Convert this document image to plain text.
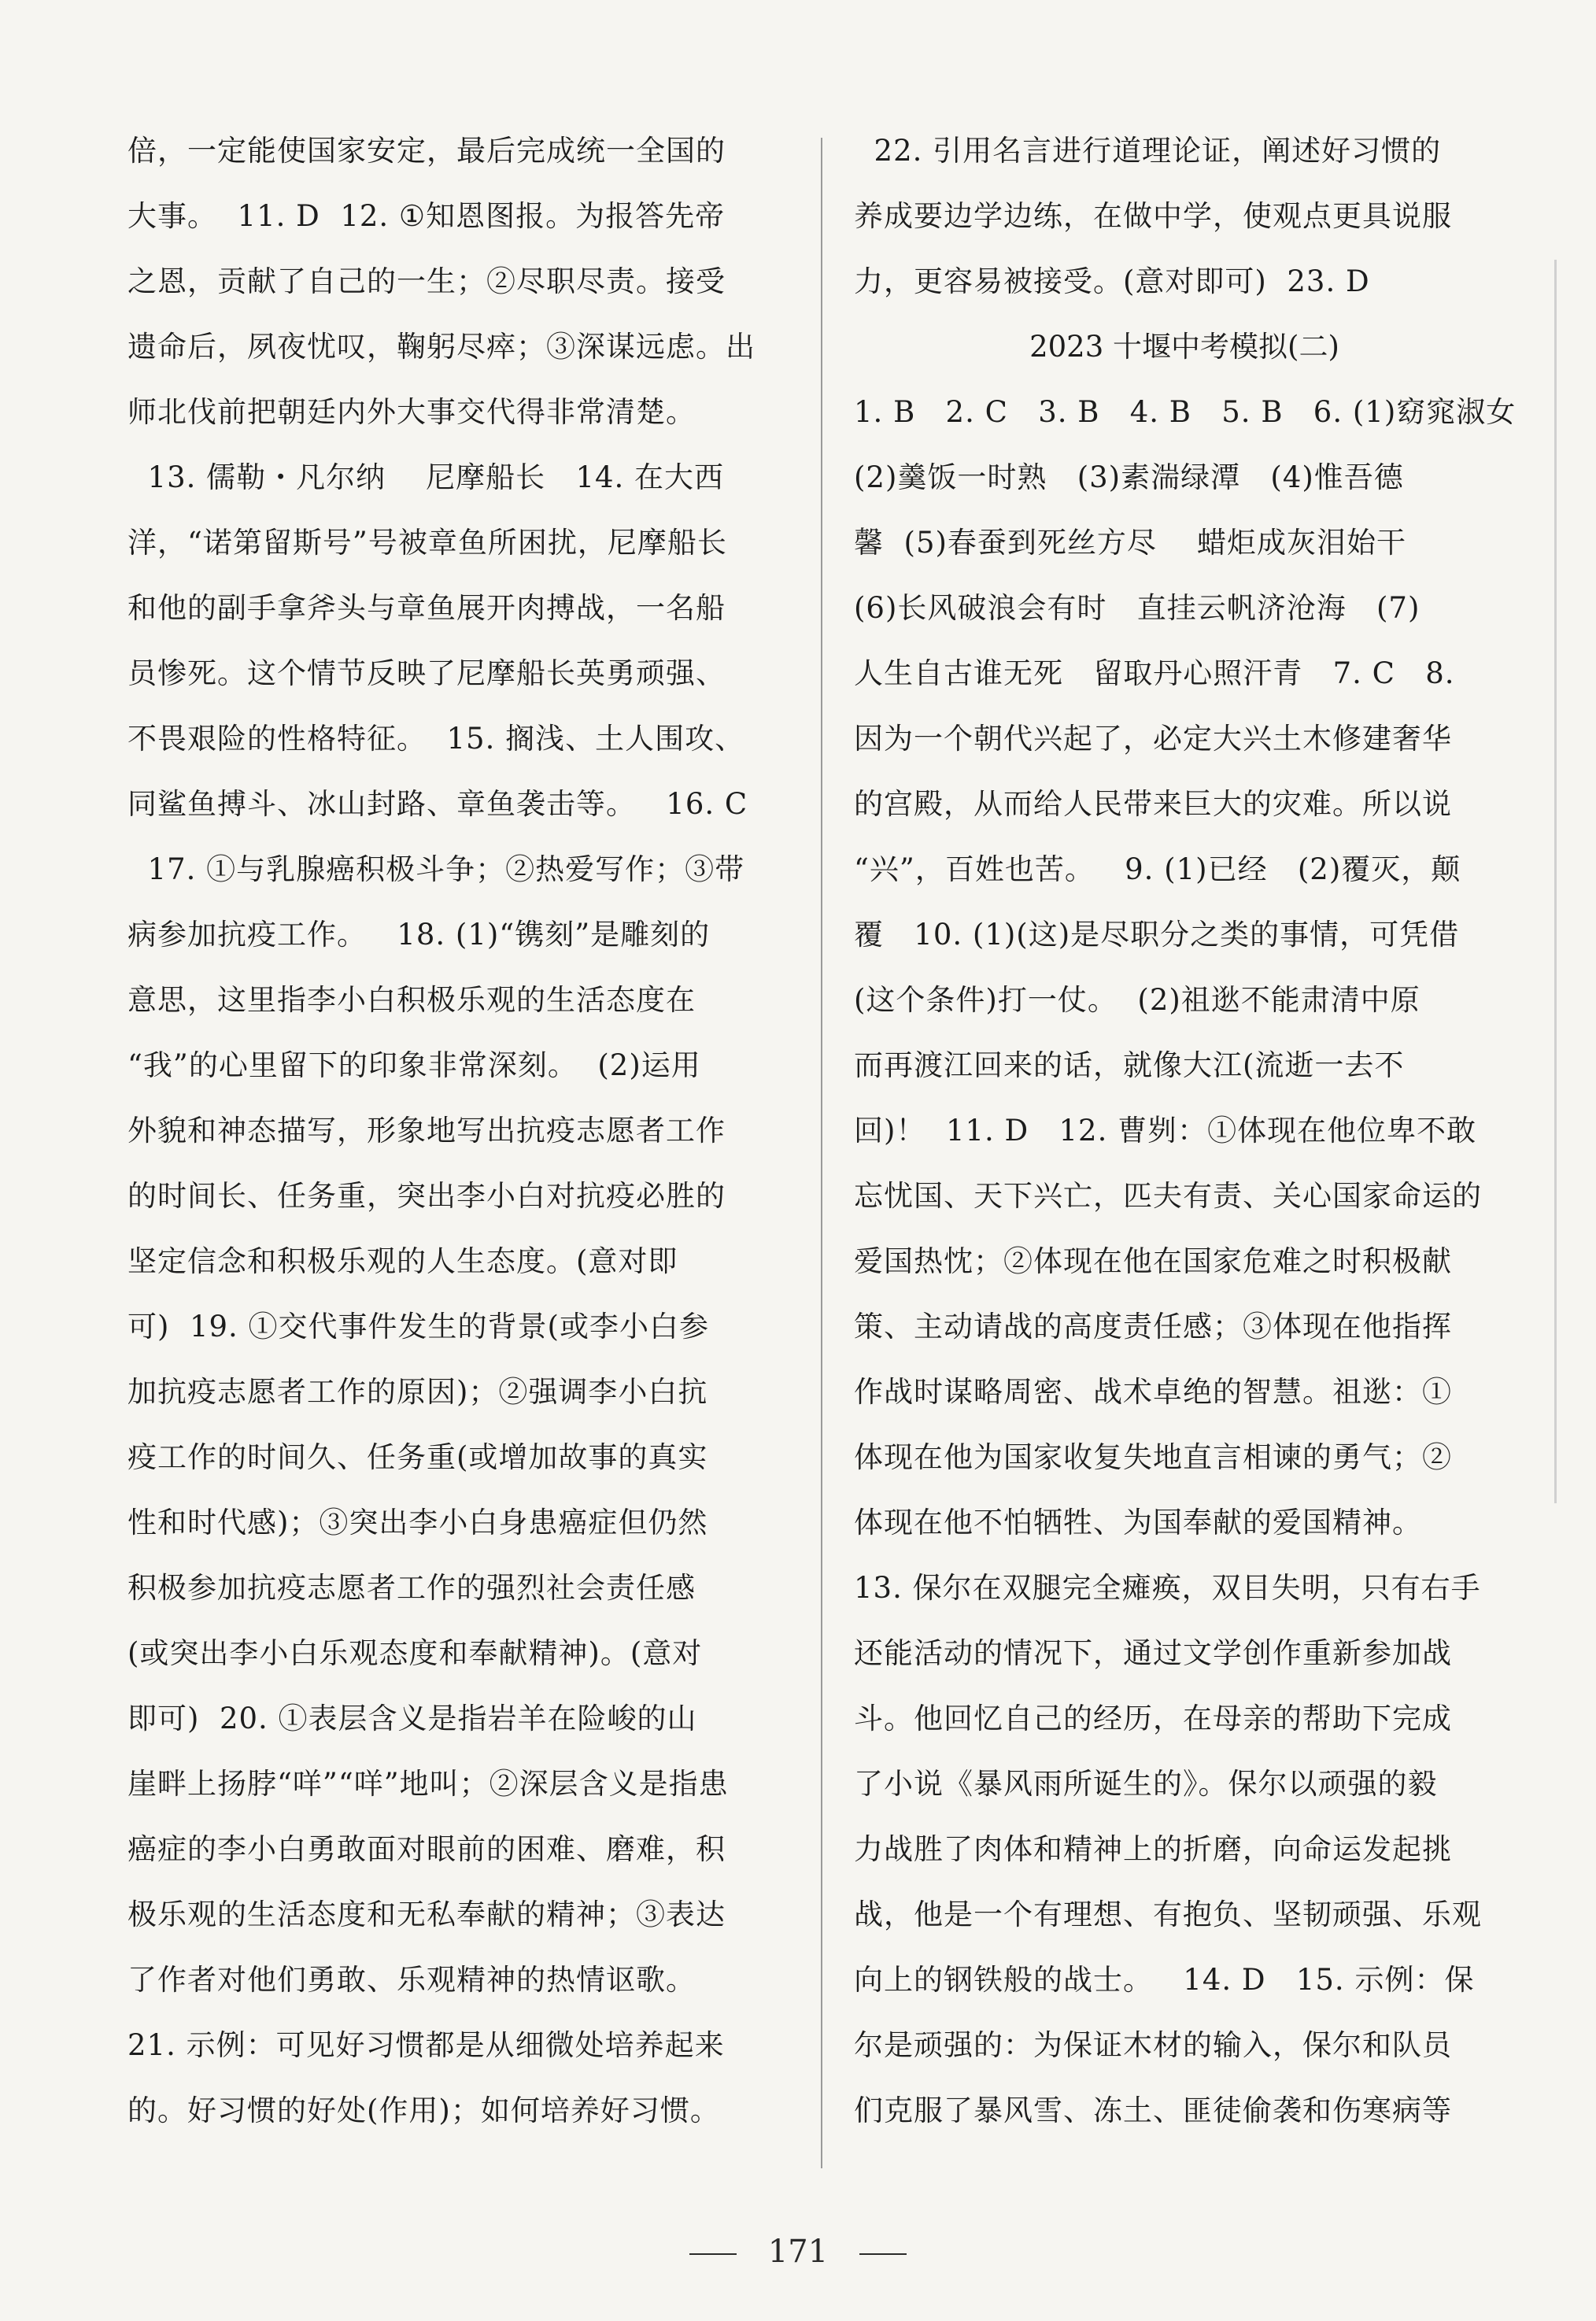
倍，一定能使国家安定，最后完成统一全国的

大事。  11. D  12. ①知恩图报。为报答先帝

之恩，贡献了自己的一生；②尽职尽责。接受

遗命后，夙夜忧叹，鞠躬尽瘁；③深谋远虑。出

师北伐前把朝廷内外大事交代得非常清楚。

13. 儒勒・凡尔纳    尼摩船长   14. 在大西

洋，“诺第留斯号”号被章鱼所困扰，尼摩船长

和他的副手拿斧头与章鱼展开肉搏战，一名船

员惨死。这个情节反映了尼摩船长英勇顽强、

不畏艰险的性格特征。  15. 搁浅、土人围攻、

同鲨鱼搏斗、冰山封路、章鱼袭击等。   16. C

17. ①与乳腺癌积极斗争；②热爱写作；③带

病参加抗疫工作。   18. (1)“镌刻”是雕刻的

意思，这里指李小白积极乐观的生活态度在

“我”的心里留下的印象非常深刻。  (2)运用

外貌和神态描写，形象地写出抗疫志愿者工作

的时间长、任务重，突出李小白对抗疫必胜的

坚定信念和积极乐观的人生态度。(意对即

可)  19. ①交代事件发生的背景(或李小白参

加抗疫志愿者工作的原因)；②强调李小白抗

疫工作的时间久、任务重(或增加故事的真实

性和时代感)；③突出李小白身患癌症但仍然

积极参加抗疫志愿者工作的强烈社会责任感

(或突出李小白乐观态度和奉献精神)。(意对

即可)  20. ①表层含义是指岩羊在险峻的山

崖畔上扬脖“咩”“咩”地叫；②深层含义是指患

癌症的李小白勇敢面对眼前的困难、磨难，积

极乐观的生活态度和无私奉献的精神；③表达

了作者对他们勇敢、乐观精神的热情讴歌。

21. 示例：可见好习惯都是从细微处培养起来

的。好习惯的好处(作用)；如何培养好习惯。

22. 引用名言进行道理论证，阐述好习惯的

养成要边学边练，在做中学，使观点更具说服

力，更容易被接受。(意对即可)  23. D

2023 十堰中考模拟(二)

1. B   2. C   3. B   4. B   5. B   6. (1)窈窕淑女

(2)羹饭一时熟   (3)素湍绿潭   (4)惟吾德

馨  (5)春蚕到死丝方尽    蜡炬成灰泪始干

(6)长风破浪会有时   直挂云帆济沧海   (7)

人生自古谁无死   留取丹心照汗青   7. C   8.

因为一个朝代兴起了，必定大兴土木修建奢华

的宫殿，从而给人民带来巨大的灾难。所以说

“兴”，百姓也苦。   9. (1)已经   (2)覆灭，颠

覆   10. (1)(这)是尽职分之类的事情，可凭借

(这个条件)打一仗。  (2)祖逖不能肃清中原

而再渡江回来的话，就像大江(流逝一去不

回)！  11. D   12. 曹刿：①体现在他位卑不敢

忘忧国、天下兴亡，匹夫有责、关心国家命运的

爱国热忱；②体现在他在国家危难之时积极献

策、主动请战的高度责任感；③体现在他指挥

作战时谋略周密、战术卓绝的智慧。祖逖：①

体现在他为国家收复失地直言相谏的勇气；②

体现在他不怕牺牲、为国奉献的爱国精神。

13. 保尔在双腿完全瘫痪，双目失明，只有右手

还能活动的情况下，通过文学创作重新参加战

斗。他回忆自己的经历，在母亲的帮助下完成

了小说《暴风雨所诞生的》。保尔以顽强的毅

力战胜了肉体和精神上的折磨，向命运发起挑

战，他是一个有理想、有抱负、坚韧顽强、乐观

向上的钢铁般的战士。   14. D   15. 示例：保

尔是顽强的：为保证木材的输入，保尔和队员

们克服了暴风雪、冻土、匪徒偷袭和伤寒病等

171
